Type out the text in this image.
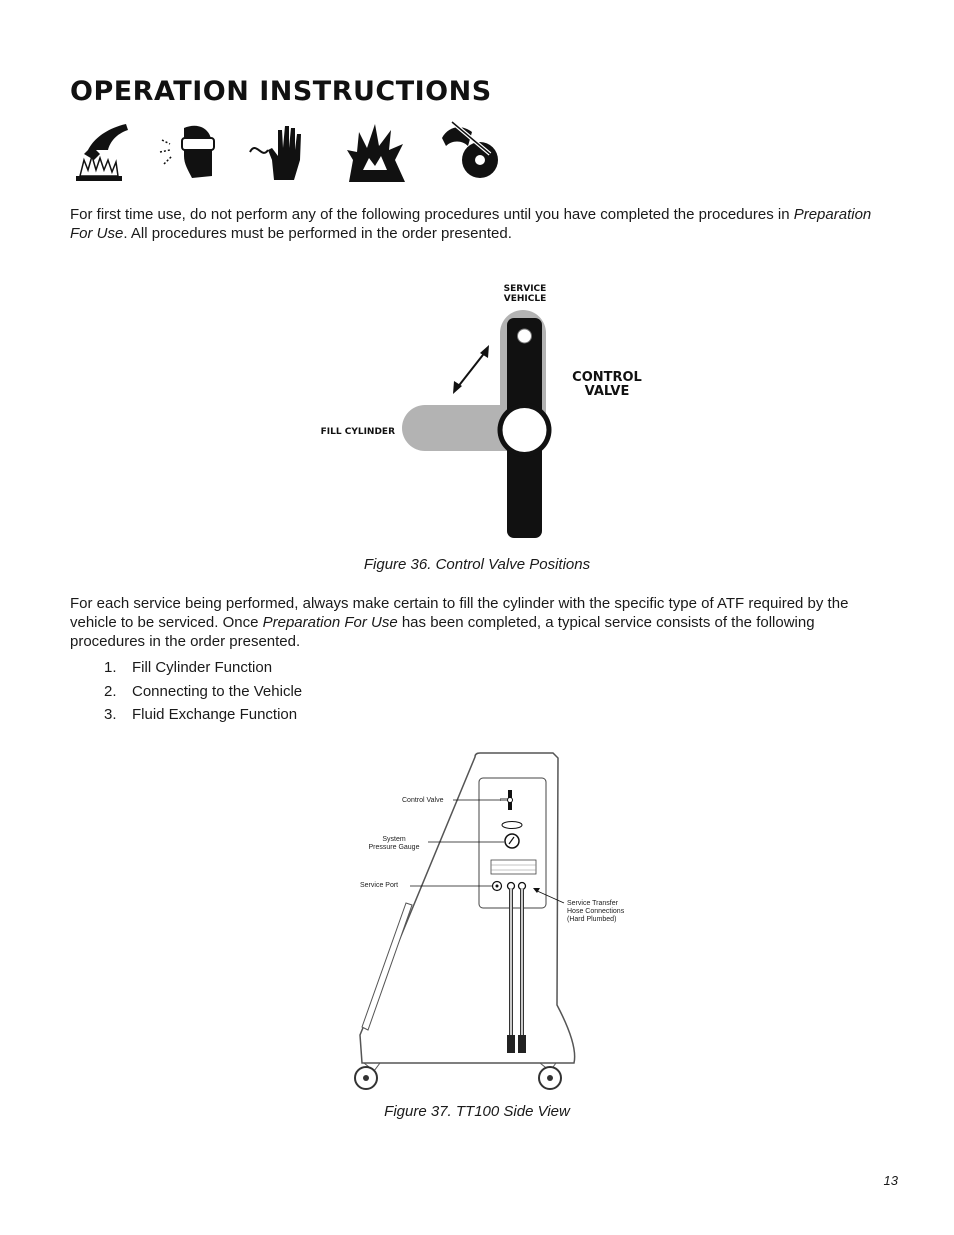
OPERATION INSTRUCTIONS

For first time use, do not perform any of the following procedures until you have completed the procedures in Preparation For Use. All procedures must be performed in the order presented.

SERVICE
VEHICLE
CONTROL
VALVE
FILL CYLINDER
Figure 36. Control Valve Positions

For each service being performed, always make certain to fill the cylinder with the specific type of ATF required by the vehicle to be serviced. Once Preparation For Use has been completed, a typical service consists of the following procedures in the order presented.

1.	Fill Cylinder Function
2.	Connecting to the Vehicle
3.	Fluid Exchange Function
Control Valve
System
Pressure Gauge
Service Port
Service Transfer
Hose Connections
(Hard Plumbed)
Figure 37. TT100 Side View
13
